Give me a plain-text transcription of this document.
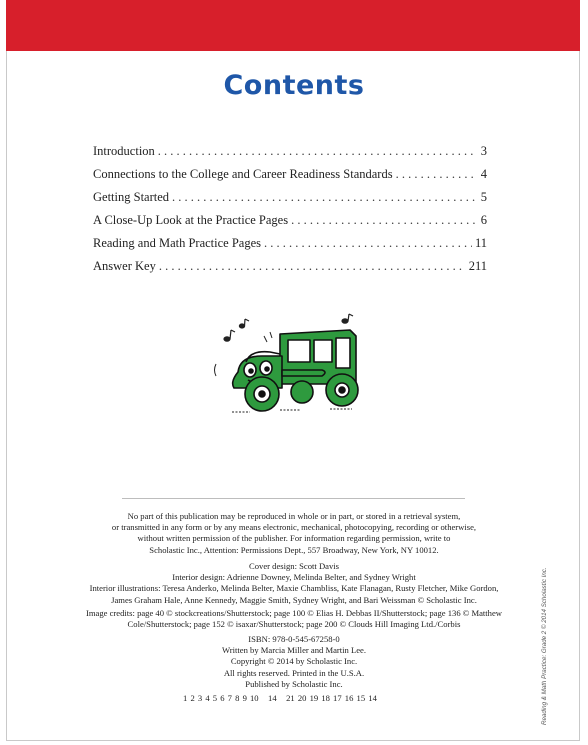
Contents
Introduction . . .	3
Connections to the College and Career Readiness Standards . . .	4
Getting Started . . .	5
A Close-Up Look at the Practice Pages . . .	6
Reading and Math Practice Pages . . .	11
Answer Key . . .	211

No part of this publication may be reproduced in whole or in part, or stored in a retrieval system,

or transmitted in any form or by any means electronic, mechanical, photocopying, recording or otherwise,

without written permission of the publisher. For information regarding permission, write to

Scholastic Inc., Attention: Permissions Dept., 557 Broadway, New York, NY 10012.

Cover design: Scott Davis

Interior design: Adrienne Downey, Melinda Belter, and Sydney Wright

Interior illustrations: Teresa Anderko, Melinda Belter, Maxie Chambliss, Kate Flanagan, Rusty Fletcher, Mike Gordon,

James Graham Hale, Anne Kennedy, Maggie Smith, Sydney Wright, and Bari Weissman © Scholastic Inc.

Image credits: page 40 © stockcreations/Shutterstock; page 100 © Elias H. Debbas II/Shutterstock; page 136 © Matthew

Cole/Shutterstock; page 152 © isaxar/Shutterstock; page 200 © Clouds Hill Imaging Ltd./Corbis

ISBN: 978-0-545-67258-0

Written by Marcia Miller and Martin Lee.

Copyright © 2014 by Scholastic Inc.

All rights reserved. Printed in the U.S.A.

Published by Scholastic Inc.

1 2 3 4 5 6 7 8 9 10   14   21 20 19 18 17 16 15 14	Reading & Math Practice: Grade 2 © 2014 Scholastic Inc.
